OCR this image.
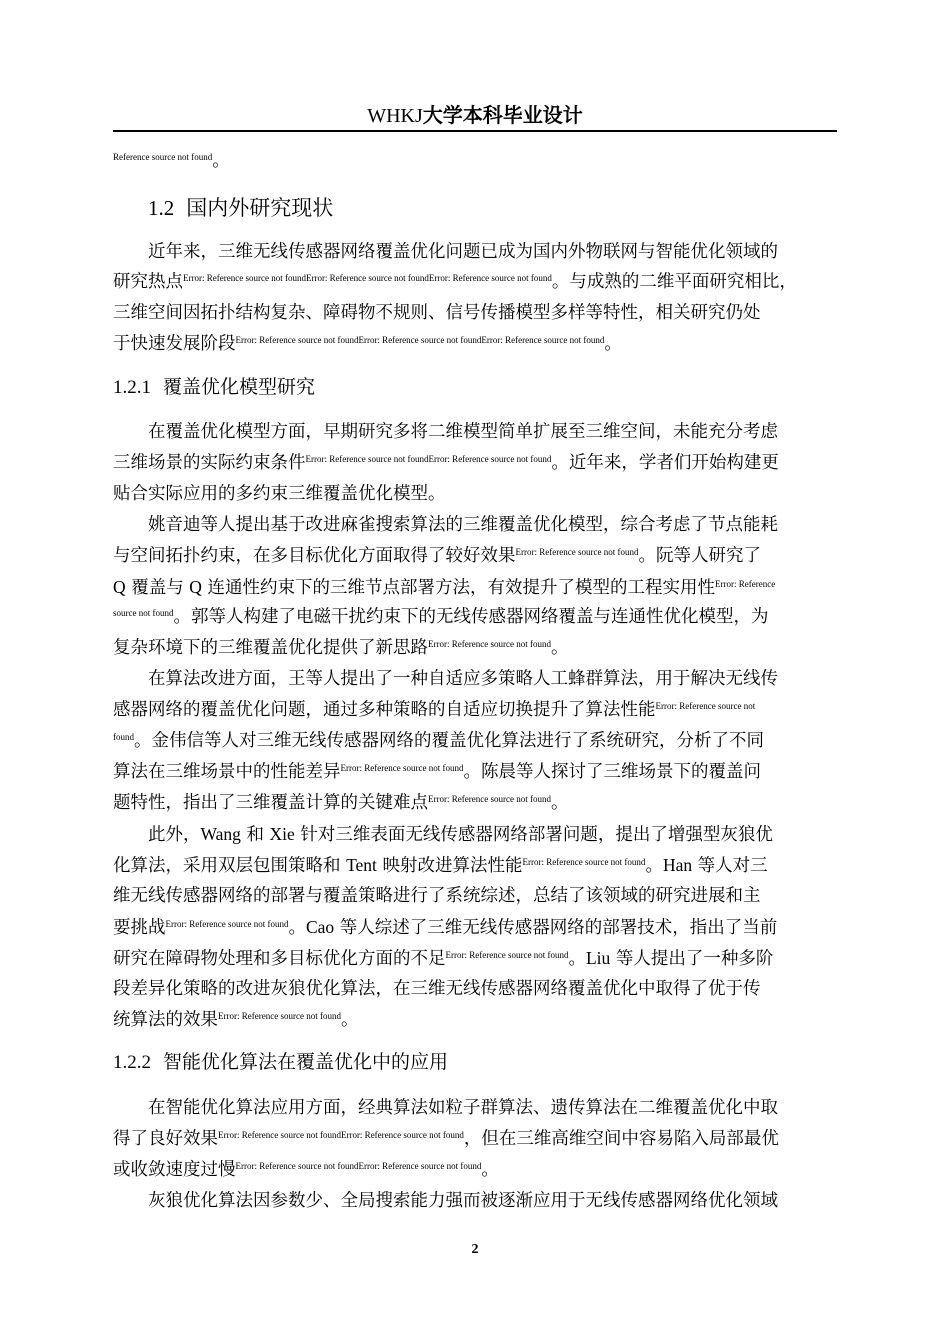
WHKJ大学本科毕业设计
$^{Reference source not found}$。
1.2 国内外研究现状
近年来，三维无线传感器网络覆盖优化问题已成为国内外物联网与智能优化领域的
研究热点$^{Error: Reference source not foundError: Reference source not foundError: Reference source not found}$。与成熟的二维平面研究相比，
三维空间因拓扑结构复杂、障碍物不规则、信号传播模型多样等特性，相关研究仍处
于快速发展阶段$^{Error: Reference source not foundError: Reference source not foundError: Reference source not found}$。
1.2.1 覆盖优化模型研究
在覆盖优化模型方面，早期研究多将二维模型简单扩展至三维空间，未能充分考虑
三维场景的实际约束条件$^{Error: Reference source not foundError: Reference source not found}$。近年来，学者们开始构建更
贴合实际应用的多约束三维覆盖优化模型。
姚音迪等人提出基于改进麻雀搜索算法的三维覆盖优化模型，综合考虑了节点能耗
与空间拓扑约束，在多目标优化方面取得了较好效果$^{Error: Reference source not found}$。阮等人研究了
Q 覆盖与 Q 连通性约束下的三维节点部署方法，有效提升了模型的工程实用性$^{Error: Reference}$
$^{source not found}$。郭等人构建了电磁干扰约束下的无线传感器网络覆盖与连通性优化模型，为
复杂环境下的三维覆盖优化提供了新思路$^{Error: Reference source not found}$。
在算法改进方面，王等人提出了一种自适应多策略人工蜂群算法，用于解决无线传
感器网络的覆盖优化问题，通过多种策略的自适应切换提升了算法性能$^{Error: Reference source not}$
$^{found}$。金伟信等人对三维无线传感器网络的覆盖优化算法进行了系统研究，分析了不同
算法在三维场景中的性能差异$^{Error: Reference source not found}$。陈晨等人探讨了三维场景下的覆盖问
题特性，指出了三维覆盖计算的关键难点$^{Error: Reference source not found}$。
此外，Wang 和 Xie 针对三维表面无线传感器网络部署问题，提出了增强型灰狼优
化算法，采用双层包围策略和 Tent 映射改进算法性能$^{Error: Reference source not found}$。Han 等人对三
维无线传感器网络的部署与覆盖策略进行了系统综述，总结了该领域的研究进展和主
要挑战$^{Error: Reference source not found}$。Cao 等人综述了三维无线传感器网络的部署技术，指出了当前
研究在障碍物处理和多目标优化方面的不足$^{Error: Reference source not found}$。Liu 等人提出了一种多阶
段差异化策略的改进灰狼优化算法，在三维无线传感器网络覆盖优化中取得了优于传
统算法的效果$^{Error: Reference source not found}$。
1.2.2 智能优化算法在覆盖优化中的应用
在智能优化算法应用方面，经典算法如粒子群算法、遗传算法在二维覆盖优化中取
得了良好效果$^{Error: Reference source not foundError: Reference source not found}$，但在三维高维空间中容易陷入局部最优
或收敛速度过慢$^{Error: Reference source not foundError: Reference source not found}$。
灰狼优化算法因参数少、全局搜索能力强而被逐渐应用于无线传感器网络优化领域
2
